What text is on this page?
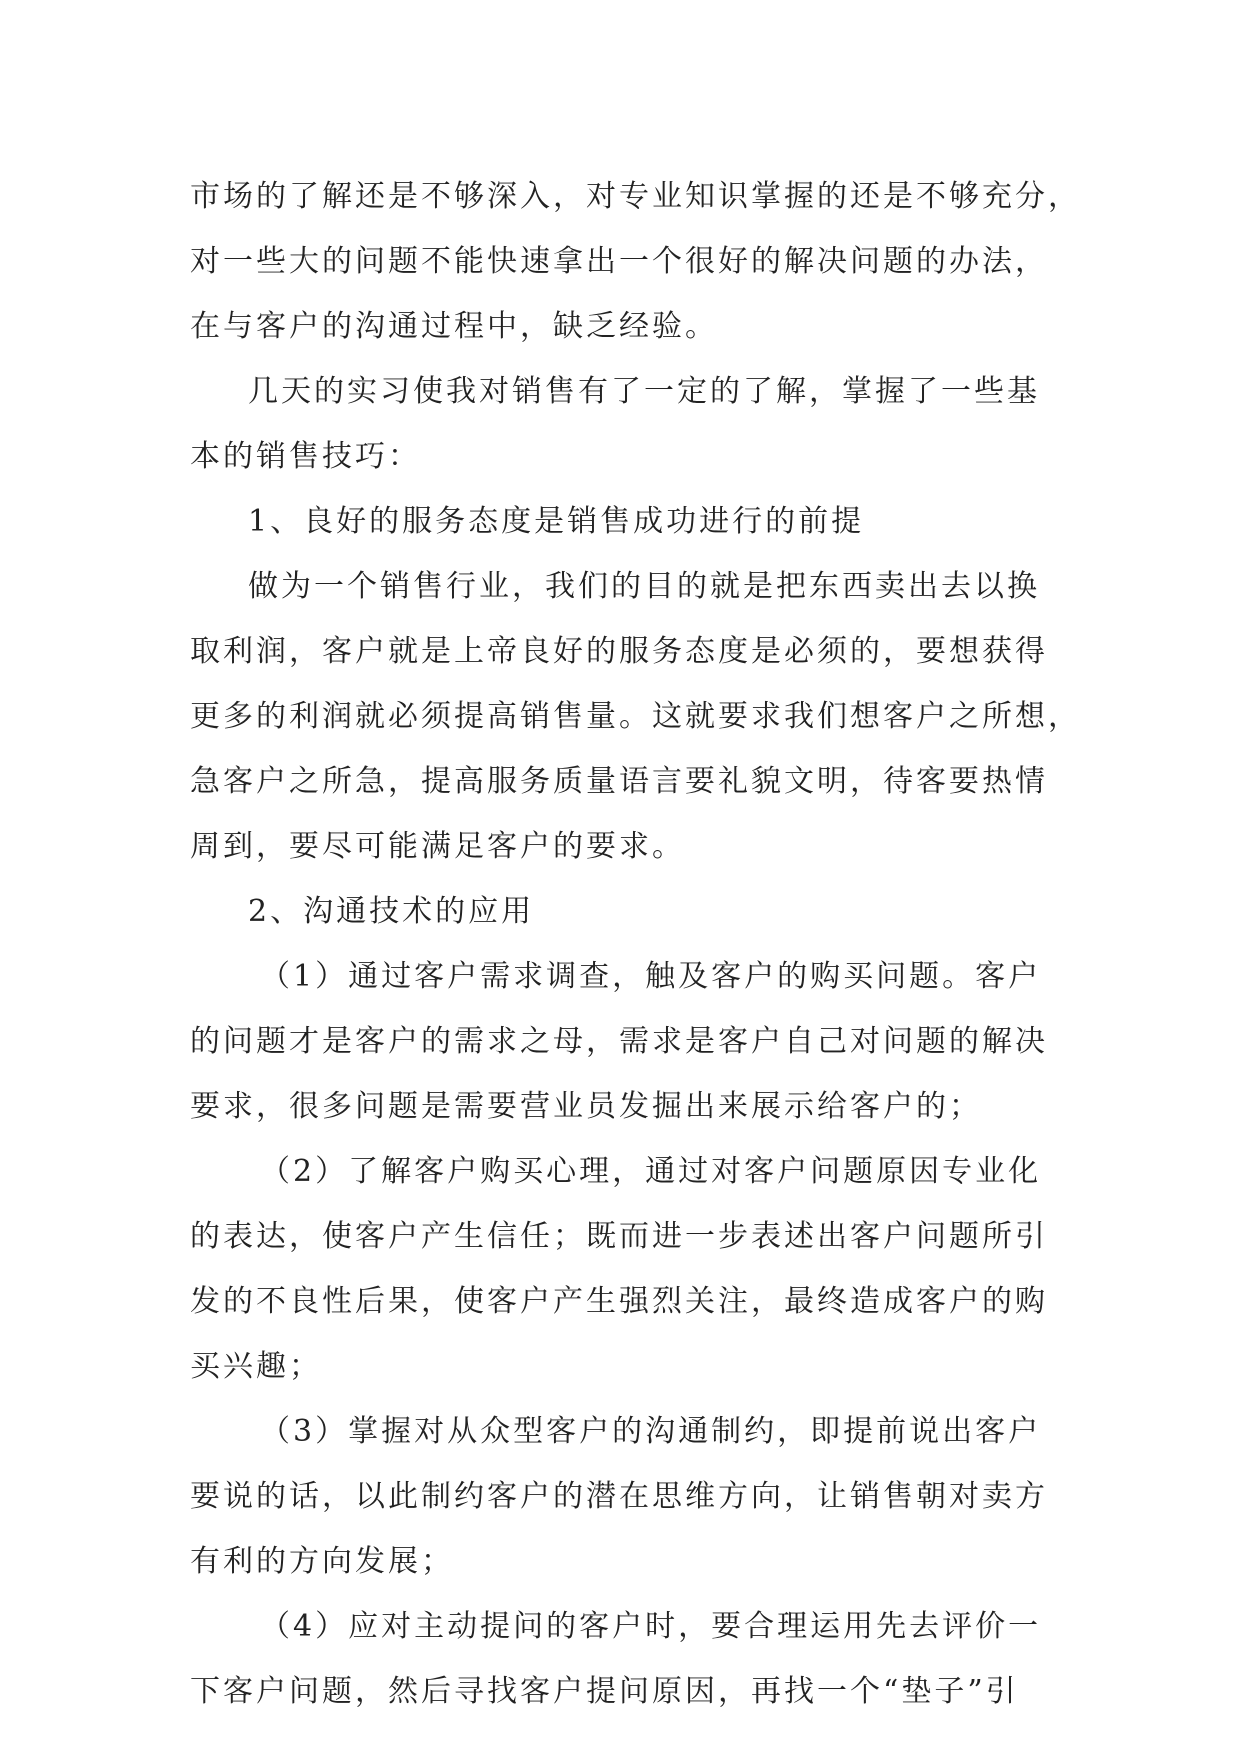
市场的了解还是不够深入，对专业知识掌握的还是不够充分，
对一些大的问题不能快速拿出一个很好的解决问题的办法，
在与客户的沟通过程中，缺乏经验。
几天的实习使我对销售有了一定的了解，掌握了一些基
本的销售技巧：
1、良好的服务态度是销售成功进行的前提
做为一个销售行业，我们的目的就是把东西卖出去以换
取利润，客户就是上帝良好的服务态度是必须的，要想获得
更多的利润就必须提高销售量。这就要求我们想客户之所想，
急客户之所急，提高服务质量语言要礼貌文明，待客要热情
周到，要尽可能满足客户的要求。
2、沟通技术的应用
（1）通过客户需求调查，触及客户的购买问题。客户
的问题才是客户的需求之母，需求是客户自己对问题的解决
要求，很多问题是需要营业员发掘出来展示给客户的；
（2）了解客户购买心理，通过对客户问题原因专业化
的表达，使客户产生信任；既而进一步表述出客户问题所引
发的不良性后果，使客户产生强烈关注，最终造成客户的购
买兴趣；
（3）掌握对从众型客户的沟通制约，即提前说出客户
要说的话，以此制约客户的潜在思维方向，让销售朝对卖方
有利的方向发展；
（4）应对主动提问的客户时，要合理运用先去评价一
下客户问题，然后寻找客户提问原因，再找一个“垫子”引
